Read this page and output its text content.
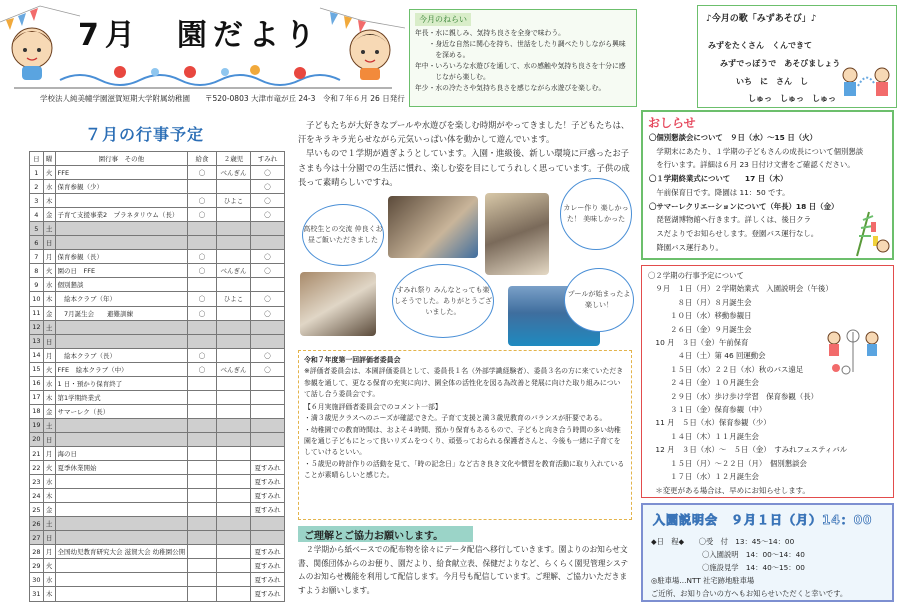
7月　園だより
学校法人純美幢学園滋賀短期大学附属幼稚園　　〒520-0803 大津市竜が丘 24-3　令和７年６月 26 日発行
７月の行事予定
日	曜	園行事　その他	給食	２歳児	すみれ
1	火	FFE	〇	べんぎん	〇
2	水	保育参観（少）			〇
3	木		〇	ひよこ	〇
4	金	子育て支援事業2　プラネタリウム（長）	〇		〇
5	土				
6	日				
7	月	保育参観（長）	〇		〇
8	火	園の日　FFE	〇	べんぎん	〇
9	水	個別懇談			
10	木	　絵本クラブ（年）	〇	ひよこ	〇
11	金	　7月誕生会　　避難訓練	〇		〇
12	土				
13	日				
14	月	　絵本クラブ（長）	〇		〇
15	火	FFE　絵本クラブ（中）	〇	べんぎん	〇
16	水	1 日・預かり保育終了			
17	木	第1学期終業式			
18	金	サマーレク（長）			
19	土				
20	日				
21	月	海の日			
22	火	夏季休業開始			夏すみれ
23	水				夏すみれ
24	木				夏すみれ
25	金				夏すみれ
26	土				
27	日				
28	月	全国幼児教育研究大会 滋賀大会 幼稚園公開			夏すみれ
29	火				夏すみれ
30	水				夏すみれ
31	木				夏すみれ
今月のねらい
年長・水に親しみ、気持ち良さを全身で味わう。
　　・身近な自然に関心を持ち、世話をしたり調べたりしながら興味
　　　を深める。
年中・いろいろな水遊びを通して、水の感触や気持ち良さを十分に感
　　　じながら楽しむ。
年少・水の冷たさや気持ち良さを感じながら水遊びを楽しむ。
♪今月の歌「みずあそび」♪
みずをたくさん　くんできて
みずでっぽうで　あそびましょう
いち　に　さん　し
しゅっ　しゅっ　しゅっ

子どもたちが大好きなプールや水遊びを楽しむ時期がやってきました！子どもたちは、汗をキラキラ光らせながら元気いっぱい体を動かして遊んでいます。

早いもので１学期が過ぎようとしています。入園・進級後、新しい環境に戸惑ったお子さまも今は十分園での生活に慣れ、楽しむ姿を目にしてうれしく思っています。子供の成長って素晴らしいですね。

高校生との交流 仲良くお昼ご飯いただきました
カレー作り 楽しかった！ 美味しかった
すみれ祭り みんなとっても楽しそうでした。ありがとうございました。
プールが始まったよ 楽しい！
令和７年度第一回評価者委員会
※評価者委員会は、本園評価委員として、委員長１名（外部学識経験者）、委員３名の方に来ていただき参観を通して、更なる保育の充実に向け、園全体の活性化を図る為改善と発展に向けた取り組みについて話し合う委員会です。
【６月実施評価者委員会でのコメント一部】
・満３歳児クラスへのニーズが確認できた。子育て支援と満３歳児教育のバランスが肝要である。
・幼稚園での教育時間は、およそ４時間、預かり保育もあるもので、子どもと向き合う時間の多い幼稚園を通じ子どもにとって良いリズムをつくり、頑張っておられる保護者さんと、今後も一緒に子育てをしていけるといい。
・５歳児の時計作りの活動を見て、「時の記念日」など古き良き文化や慣習を教育活動に取り入れていることが素晴らしいと感じた。
ご理解とご協力お願いします。

２学期から紙ベースでの配布物を徐々にデータ配信へ移行していきます。園よりのお知らせ文書、関係団体からのお便り、園だより、給食献立表、保健だよりなど、らくらく園児管理システムのお知らせ機能を利用して配信します。今月号も配信しています。ご理解、ご協力いただきますようお願いします。

おしらせ
〇個別懇談会について　９日（水）～15 日（火）
　学期末にあたり、１学期の子どもさんの成長について個別懇談
　を行います。詳細は６月 23 日付け文書をご確認ください。
〇１学期終業式について　　17 日（木）
　午前保育日です。降園は 11：50 です。
〇サマーレクリエーションについて（年長）18 日（金）
　琵琶湖博物館へ行きます。詳しくは、後日クラ
　スだよりでお知らせします。登園バス運行なし。
　降園バス運行あり。
〇２学期の行事予定について
　９月　１日（月）２学期始業式　入園説明会（午後）
　　　　８日（月）８月誕生会
　　　１０日（水）移動参観日
　　　２６日（金）９月誕生会
　10 月　３日（金）午前保育
　　　　４日（土）第 46 回運動会
　　　１５日（水）２２日（水）秋のバス遠足
　　　２４日（金）１０月誕生会
　　　２９日（水）歩け歩け学習　保育参観（長）
　　　３１日（金）保育参観（中）
　11 月　５日（水）保育参観（少）
　　　１４日（木）１１月誕生会
　12 月　３日（水）～　５日（金）　すみれフェスティバル
　　　１５日（月）～２２日（月）　個別懇談会
　　　１７日（水）１２月誕生会
　＊変更がある場合は、早めにお知らせします。
入園説明会　９月１日（月）14：00
◆日　程◆　　〇受　付　13：45～14：00
　　　　　　　〇入園説明　14：00～14：40
　　　　　　　〇施設見学　14：40～15：00
◎駐車場…NTT 社宅跡地駐車場
ご近所、お知り合いの方へもお知らせいただくと幸いです。
